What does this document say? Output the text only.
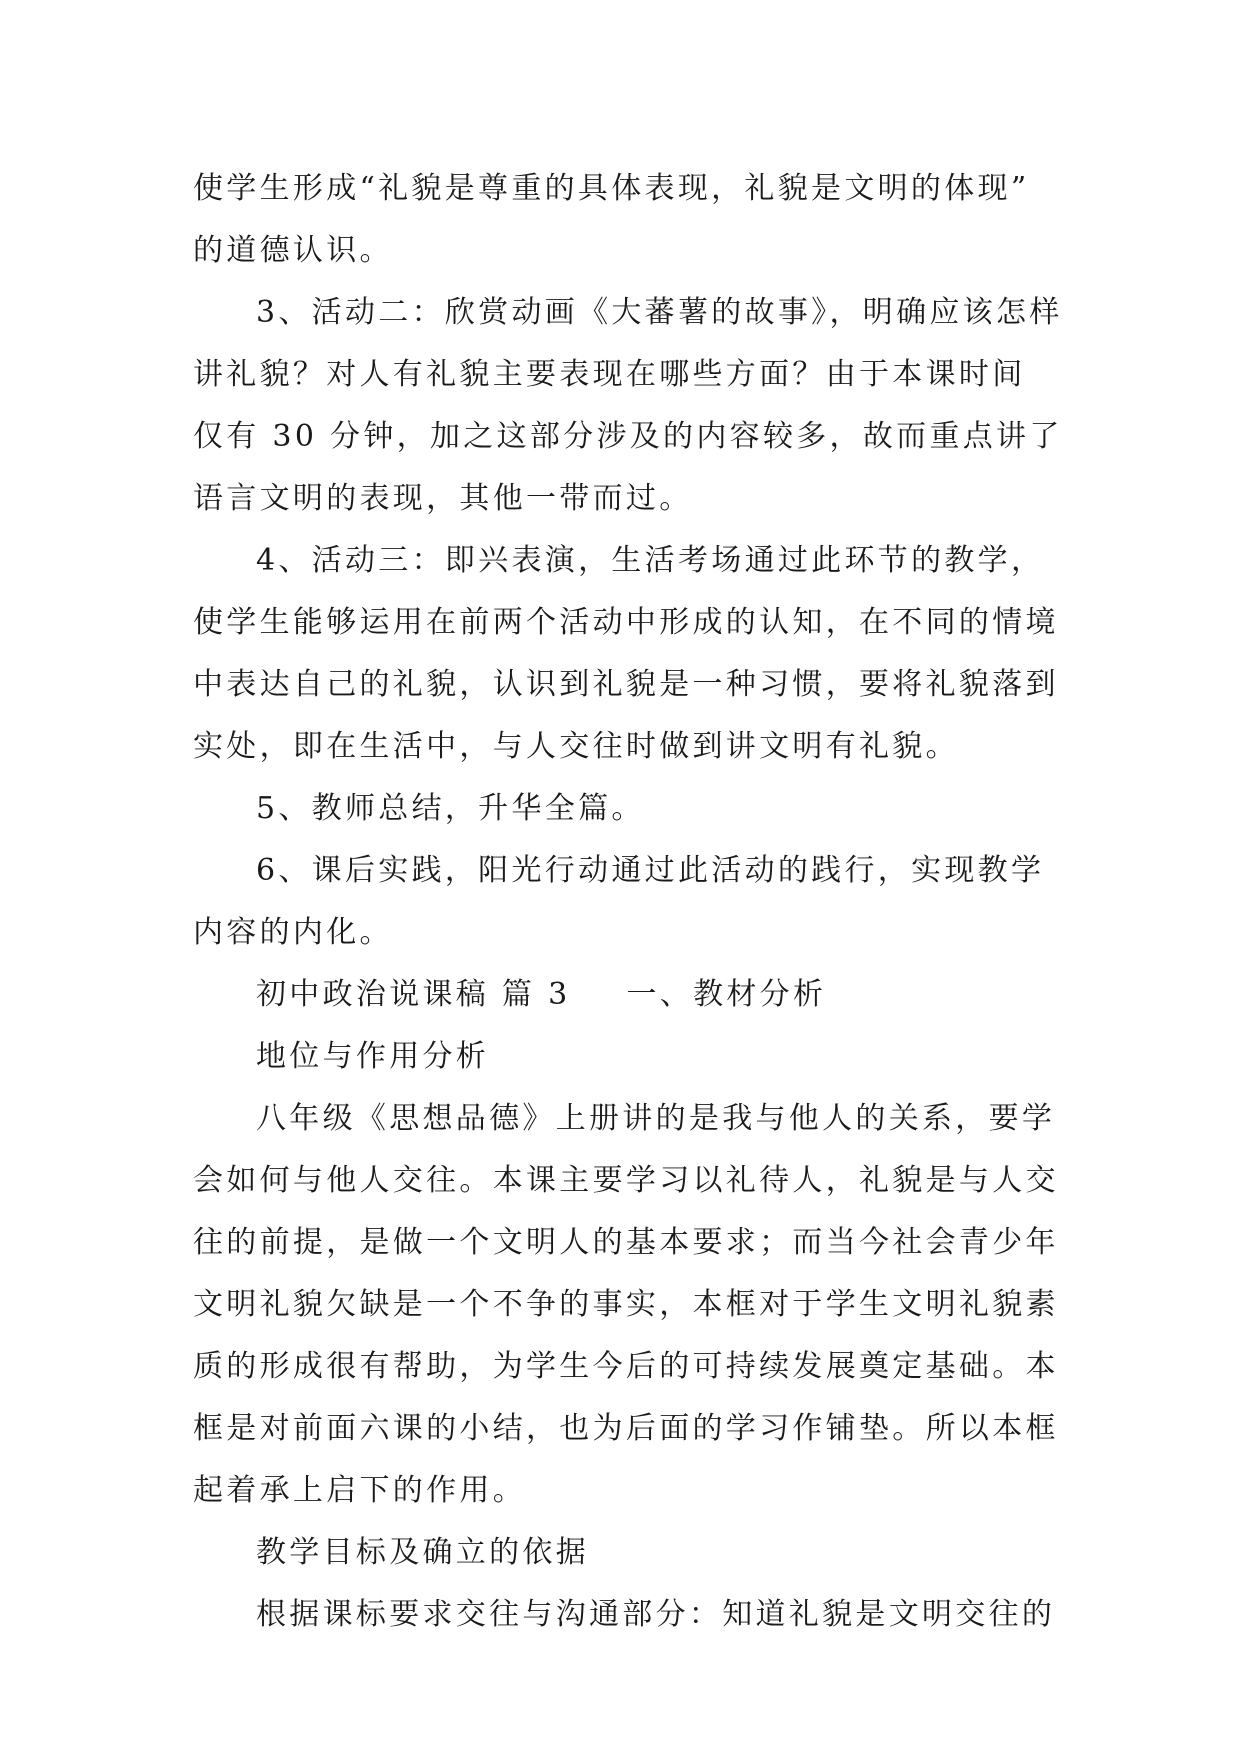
使学生形成“礼貌是尊重的具体表现，礼貌是文明的体现”
的道德认识。
3、活动二：欣赏动画《大蕃薯的故事》，明确应该怎样
讲礼貌？对人有礼貌主要表现在哪些方面？由于本课时间
仅有 30 分钟，加之这部分涉及的内容较多，故而重点讲了
语言文明的表现，其他一带而过。
4、活动三：即兴表演，生活考场通过此环节的教学，
使学生能够运用在前两个活动中形成的认知，在不同的情境
中表达自己的礼貌，认识到礼貌是一种习惯，要将礼貌落到
实处，即在生活中，与人交往时做到讲文明有礼貌。
5、教师总结，升华全篇。
6、课后实践，阳光行动通过此活动的践行，实现教学
内容的内化。
初中政治说课稿 篇 3 一、教材分析
地位与作用分析
八年级《思想品德》上册讲的是我与他人的关系，要学
会如何与他人交往。本课主要学习以礼待人，礼貌是与人交
往的前提，是做一个文明人的基本要求；而当今社会青少年
文明礼貌欠缺是一个不争的事实，本框对于学生文明礼貌素
质的形成很有帮助，为学生今后的可持续发展奠定基础。本
框是对前面六课的小结，也为后面的学习作铺垫。所以本框
起着承上启下的作用。
教学目标及确立的依据
根据课标要求交往与沟通部分：知道礼貌是文明交往的
